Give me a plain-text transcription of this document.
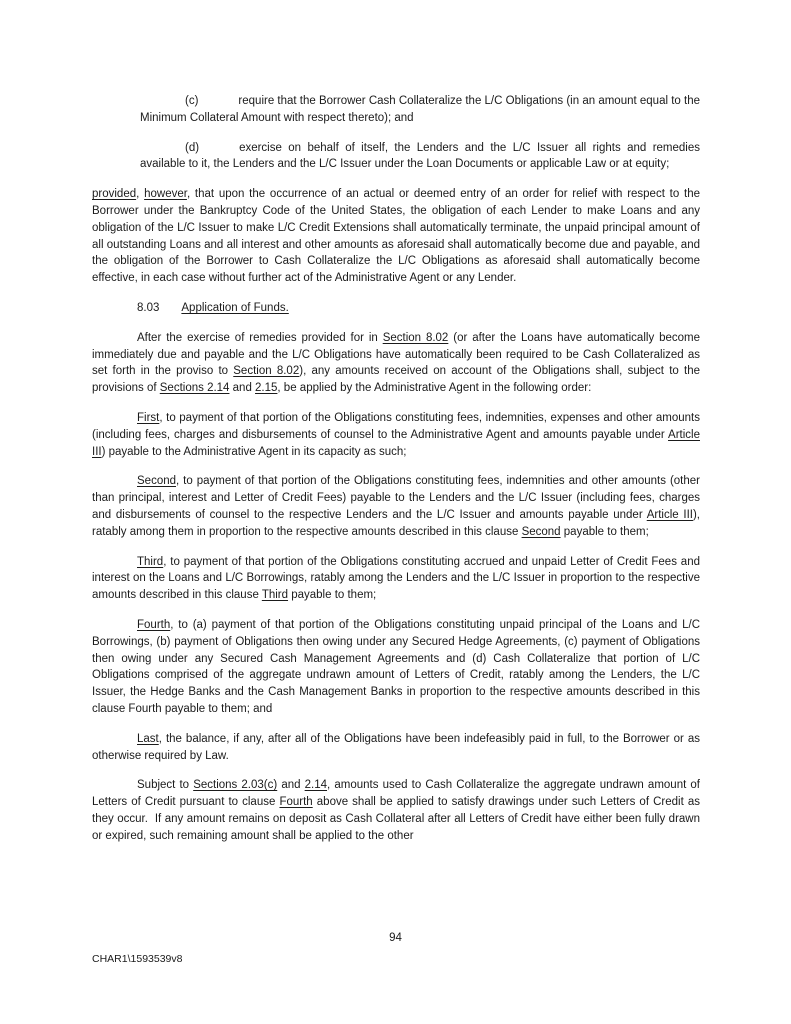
(c)	require that the Borrower Cash Collateralize the L/C Obligations (in an amount equal to the Minimum Collateral Amount with respect thereto); and

(d)	exercise on behalf of itself, the Lenders and the L/C Issuer all rights and remedies available to it, the Lenders and the L/C Issuer under the Loan Documents or applicable Law or at equity;

provided, however, that upon the occurrence of an actual or deemed entry of an order for relief with respect to the Borrower under the Bankruptcy Code of the United States, the obligation of each Lender to make Loans and any obligation of the L/C Issuer to make L/C Credit Extensions shall automatically terminate, the unpaid principal amount of all outstanding Loans and all interest and other amounts as aforesaid shall automatically become due and payable, and the obligation of the Borrower to Cash Collateralize the L/C Obligations as aforesaid shall automatically become effective, in each case without further act of the Administrative Agent or any Lender.

8.03 Application of Funds.

After the exercise of remedies provided for in Section 8.02 (or after the Loans have automatically become immediately due and payable and the L/C Obligations have automatically been required to be Cash Collateralized as set forth in the proviso to Section 8.02), any amounts received on account of the Obligations shall, subject to the provisions of Sections 2.14 and 2.15, be applied by the Administrative Agent in the following order:

First, to payment of that portion of the Obligations constituting fees, indemnities, expenses and other amounts (including fees, charges and disbursements of counsel to the Administrative Agent and amounts payable under Article III) payable to the Administrative Agent in its capacity as such;

Second, to payment of that portion of the Obligations constituting fees, indemnities and other amounts (other than principal, interest and Letter of Credit Fees) payable to the Lenders and the L/C Issuer (including fees, charges and disbursements of counsel to the respective Lenders and the L/C Issuer and amounts payable under Article III), ratably among them in proportion to the respective amounts described in this clause Second payable to them;

Third, to payment of that portion of the Obligations constituting accrued and unpaid Letter of Credit Fees and interest on the Loans and L/C Borrowings, ratably among the Lenders and the L/C Issuer in proportion to the respective amounts described in this clause Third payable to them;

Fourth, to (a) payment of that portion of the Obligations constituting unpaid principal of the Loans and L/C Borrowings, (b) payment of Obligations then owing under any Secured Hedge Agreements, (c) payment of Obligations then owing under any Secured Cash Management Agreements and (d) Cash Collateralize that portion of L/C Obligations comprised of the aggregate undrawn amount of Letters of Credit, ratably among the Lenders, the L/C Issuer, the Hedge Banks and the Cash Management Banks in proportion to the respective amounts described in this clause Fourth payable to them; and

Last, the balance, if any, after all of the Obligations have been indefeasibly paid in full, to the Borrower or as otherwise required by Law.

Subject to Sections 2.03(c) and 2.14, amounts used to Cash Collateralize the aggregate undrawn amount of Letters of Credit pursuant to clause Fourth above shall be applied to satisfy drawings under such Letters of Credit as they occur.  If any amount remains on deposit as Cash Collateral after all Letters of Credit have either been fully drawn or expired, such remaining amount shall be applied to the other

94
CHAR1\1593539v8
